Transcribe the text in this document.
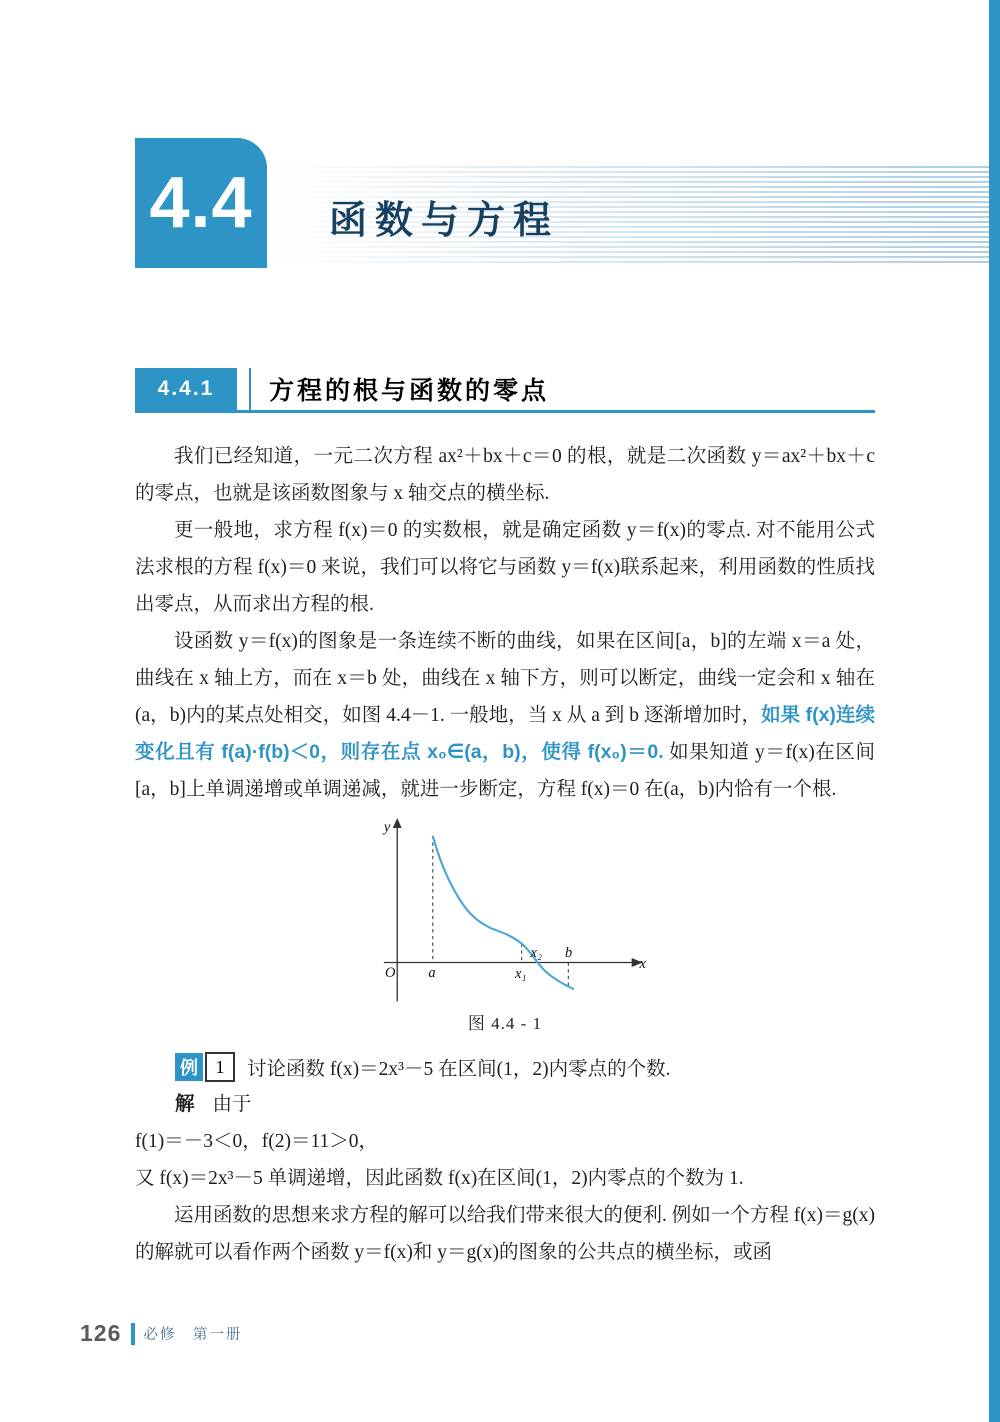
4.4 函数与方程
4.4.1	方程的根与函数的零点

我们已经知道，一元二次方程 ax²＋bx＋c＝0 的根，就是二次函数 y＝ax²＋bx＋c 的零点，也就是该函数图象与 x 轴交点的横坐标.

更一般地，求方程 f(x)＝0 的实数根，就是确定函数 y＝f(x)的零点. 对不能用公式法求根的方程 f(x)＝0 来说，我们可以将它与函数 y＝f(x)联系起来，利用函数的性质找出零点，从而求出方程的根.

设函数 y＝f(x)的图象是一条连续不断的曲线，如果在区间[a，b]的左端 x＝a 处，曲线在 x 轴上方，而在 x＝b 处，曲线在 x 轴下方，则可以断定，曲线一定会和 x 轴在(a，b)内的某点处相交，如图 4.4－1. 一般地，当 x 从 a 到 b 逐渐增加时，如果 f(x)连续变化且有 f(a)·f(b)＜0，则存在点 x₀∈(a，b)，使得 f(x₀)＝0. 如果知道 y＝f(x)在区间[a，b]上单调递增或单调递减，就进一步断定，方程 f(x)＝0 在(a，b)内恰有一个根.

O	a	x₁
x₂ b
x
y
图 4.4 - 1
例 1	讨论函数 f(x)＝2x³－5 在区间(1，2)内零点的个数.
解 由于

f(1)＝－3＜0，f(2)＝11＞0，

又 f(x)＝2x³－5 单调递增，因此函数 f(x)在区间(1，2)内零点的个数为 1.

运用函数的思想来求方程的解可以给我们带来很大的便利. 例如一个方程 f(x)＝g(x)的解就可以看作两个函数 y＝f(x)和 y＝g(x)的图象的公共点的横坐标，或函

126 必修　第一册
